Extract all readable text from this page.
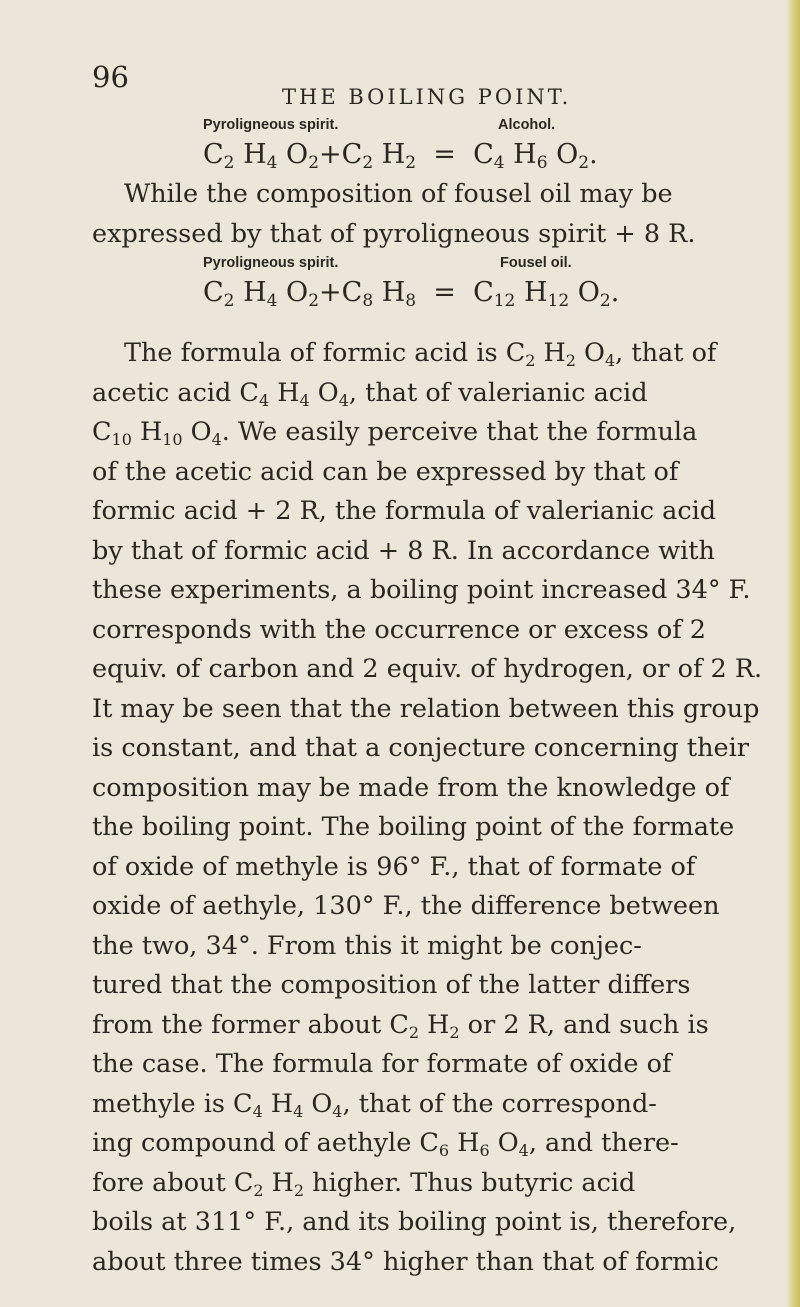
96
THE BOILING POINT.
Pyroligneous spirit.	Alcohol.
$C_2$ $H_4$ $O_2+C_2$ $H_2 = C_4$ $H_6$ $O_2$.
While the composition of fousel oil may be
expressed by that of pyroligneous spirit + 8 R.
Pyroligneous spirit.	Fousel oil.
$C_2$ $H_4$ $O_2+C_8$ $H_8 = C_{12}$ $H_{12}$ $O_2$.
The formula of formic acid is $C_2$ $H_2$ $O_4$, that of
acetic acid $C_4$ $H_4$ $O_4$, that of valerianic acid
$C_{10}$ $H_{10}$ $O_4$. We easily perceive that the formula
of the acetic acid can be expressed by that of
formic acid + 2 R, the formula of valerianic acid
by that of formic acid + 8 R. In accordance with
these experiments, a boiling point increased 34° F.
corresponds with the occurrence or excess of 2
equiv. of carbon and 2 equiv. of hydrogen, or of 2 R.
It may be seen that the relation between this group
is constant, and that a conjecture concerning their
composition may be made from the knowledge of
the boiling point. The boiling point of the formate
of oxide of methyle is 96° F., that of formate of
oxide of aethyle, 130° F., the difference between
the two, 34°. From this it might be conjec-
tured that the composition of the latter differs
from the former about $C_2$ $H_2$ or 2 R, and such is
the case. The formula for formate of oxide of
methyle is $C_4$ $H_4$ $O_4$, that of the correspond-
ing compound of aethyle $C_6$ $H_6$ $O_4$, and there-
fore about $C_2$ $H_2$ higher. Thus butyric acid
boils at 311° F., and its boiling point is, therefore,
about three times 34° higher than that of formic
